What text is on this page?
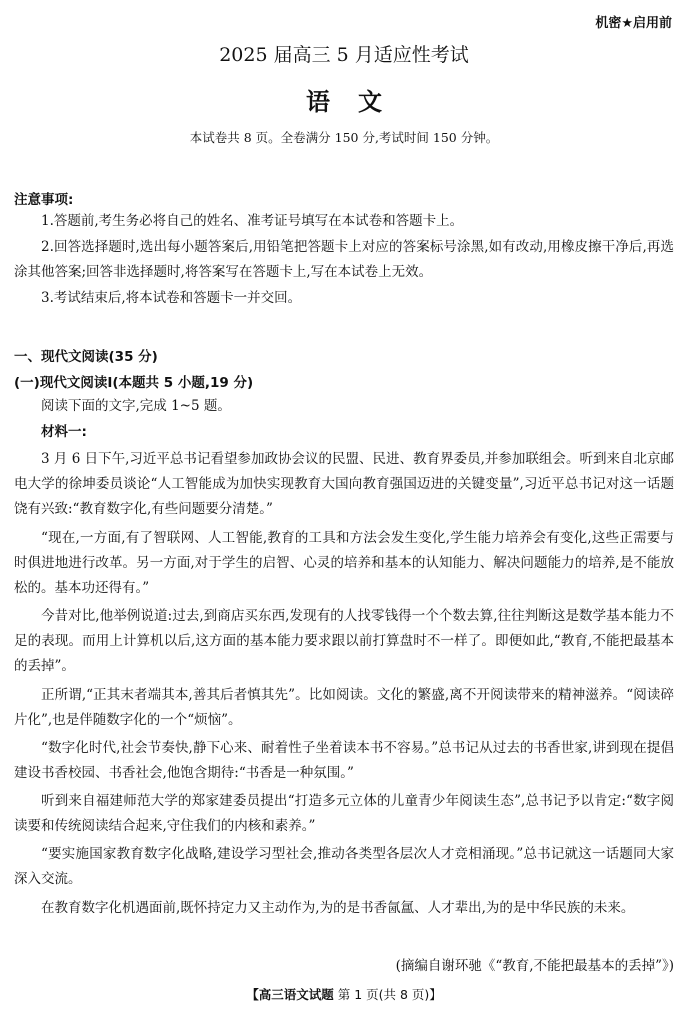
机密★启用前
2025 届高三 5 月适应性考试
语 文
本试卷共 8 页。全卷满分 150 分,考试时间 150 分钟。
注意事项:

1.答题前,考生务必将自己的姓名、准考证号填写在本试卷和答题卡上。

2.回答选择题时,选出每小题答案后,用铅笔把答题卡上对应的答案标号涂黑,如有改动,用橡皮擦干净后,再选涂其他答案;回答非选择题时,将答案写在答题卡上,写在本试卷上无效。

3.考试结束后,将本试卷和答题卡一并交回。

一、现代文阅读(35 分)
(一)现代文阅读Ⅰ(本题共 5 小题,19 分)

阅读下面的文字,完成 1~5 题。

材料一:

3 月 6 日下午,习近平总书记看望参加政协会议的民盟、民进、教育界委员,并参加联组会。听到来自北京邮电大学的徐坤委员谈论“人工智能成为加快实现教育大国向教育强国迈进的关键变量”,习近平总书记对这一话题饶有兴致:“教育数字化,有些问题要分清楚。”

“现在,一方面,有了智联网、人工智能,教育的工具和方法会发生变化,学生能力培养会有变化,这些正需要与时俱进地进行改革。另一方面,对于学生的启智、心灵的培养和基本的认知能力、解决问题能力的培养,是不能放松的。基本功还得有。”

今昔对比,他举例说道:过去,到商店买东西,发现有的人找零钱得一个个数去算,往往判断这是数学基本能力不足的表现。而用上计算机以后,这方面的基本能力要求跟以前打算盘时不一样了。即便如此,“教育,不能把最基本的丢掉”。

正所谓,“正其末者端其本,善其后者慎其先”。比如阅读。文化的繁盛,离不开阅读带来的精神滋养。“阅读碎片化”,也是伴随数字化的一个“烦恼”。

“数字化时代,社会节奏快,静下心来、耐着性子坐着读本书不容易。”总书记从过去的书香世家,讲到现在提倡建设书香校园、书香社会,他饱含期待:“书香是一种氛围。”

听到来自福建师范大学的郑家建委员提出“打造多元立体的儿童青少年阅读生态”,总书记予以肯定:“数字阅读要和传统阅读结合起来,守住我们的内核和素养。”

“要实施国家教育数字化战略,建设学习型社会,推动各类型各层次人才竞相涌现。”总书记就这一话题同大家深入交流。

在教育数字化机遇面前,既怀持定力又主动作为,为的是书香氤氲、人才辈出,为的是中华民族的未来。

(摘编自谢环驰《“教育,不能把最基本的丢掉”》)
【高三语文试题 第 1 页(共 8 页)】
